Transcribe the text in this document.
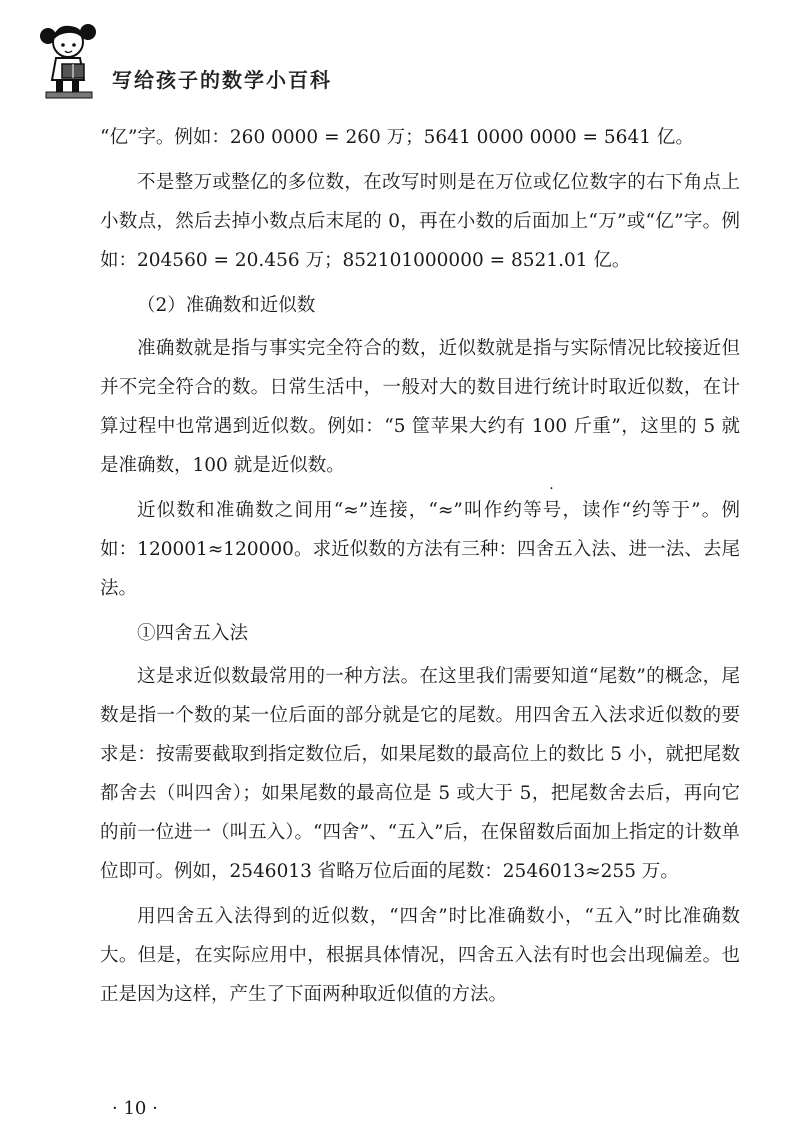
写给孩子的数学小百科

“亿”字。例如：260 0000 = 260 万；5641 0000 0000 = 5641 亿。

不是整万或整亿的多位数，在改写时则是在万位或亿位数字的右下角点上小数点，然后去掉小数点后末尾的 0，再在小数的后面加上“万”或“亿”字。例如：204560 = 20.456 万；852101000000 = 8521.01 亿。

（2）准确数和近似数

准确数就是指与事实完全符合的数，近似数就是指与实际情况比较接近但并不完全符合的数。日常生活中，一般对大的数目进行统计时取近似数，在计算过程中也常遇到近似数。例如：“5 筐苹果大约有 100 斤重”，这里的 5 就是准确数，100 就是近似数。

近似数和准确数之间用“≈”连接，“≈”叫作约等号，读作“约等于”。例如：120001≈120000。求近似数的方法有三种：四舍五入法、进一法、去尾法。

①四舍五入法

这是求近似数最常用的一种方法。在这里我们需要知道“尾数”的概念，尾数是指一个数的某一位后面的部分就是它的尾数。用四舍五入法求近似数的要求是：按需要截取到指定数位后，如果尾数的最高位上的数比 5 小，就把尾数都舍去（叫四舍）；如果尾数的最高位是 5 或大于 5，把尾数舍去后，再向它的前一位进一（叫五入）。“四舍”、“五入”后，在保留数后面加上指定的计数单位即可。例如，2546013 省略万位后面的尾数：2546013≈255 万。

用四舍五入法得到的近似数，“四舍”时比准确数小，“五入”时比准确数大。但是，在实际应用中，根据具体情况，四舍五入法有时也会出现偏差。也正是因为这样，产生了下面两种取近似值的方法。

· 10 ·
